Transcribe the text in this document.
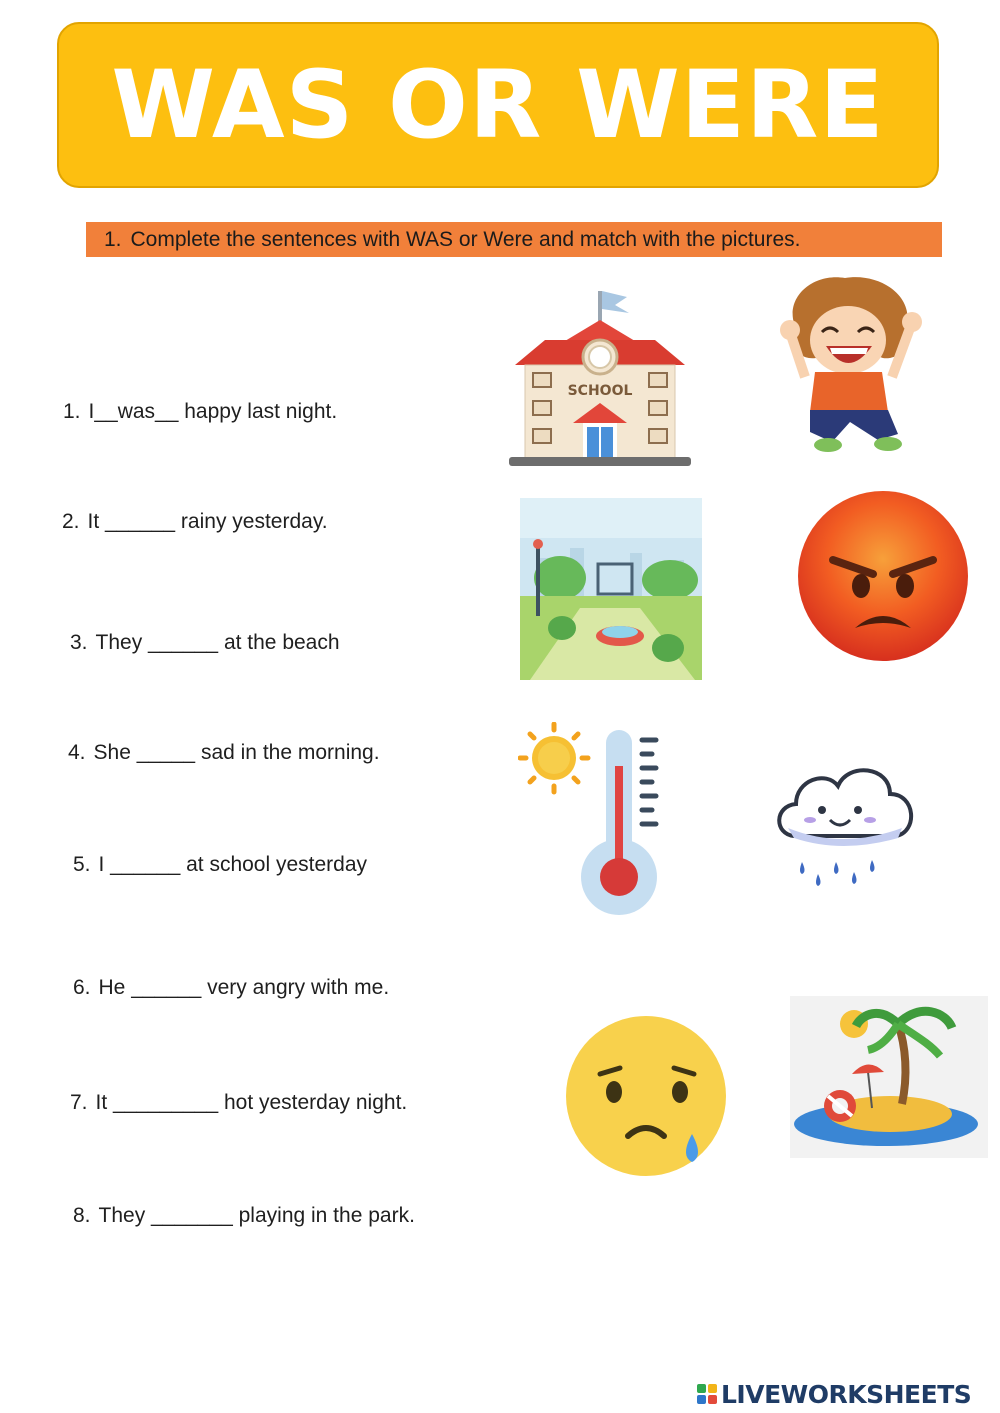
WAS OR WERE
1. Complete the sentences with WAS or Were and match with the pictures.
1. I__was__ happy last night.
2. It ______ rainy yesterday.
3. They ______ at the beach
4. She _____ sad in the morning.
5. I ______ at school yesterday
6. He ______ very angry with me.
7. It _________ hot yesterday night.
8. They _______ playing in the park.
SCHOOL
LIVEWORKSHEETS
